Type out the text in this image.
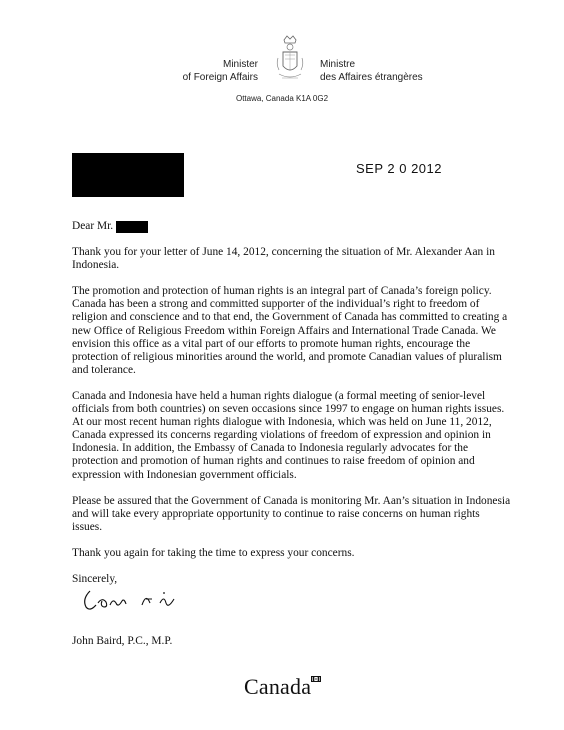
Minister
of Foreign Affairs
Ministre
des Affaires étrangères
Ottawa, Canada K1A 0G2
SEP 2 0 2012

Dear Mr.

Thank you for your letter of June 14, 2012, concerning the situation of Mr. Alexander Aan in Indonesia.

The promotion and protection of human rights is an integral part of Canada’s foreign policy. Canada has been a strong and committed supporter of the individual’s right to freedom of religion and conscience and to that end, the Government of Canada has committed to creating a new Office of Religious Freedom within Foreign Affairs and International Trade Canada. We envision this office as a vital part of our efforts to promote human rights, encourage the protection of religious minorities around the world, and promote Canadian values of pluralism and tolerance.

Canada and Indonesia have held a human rights dialogue (a formal meeting of senior-level officials from both countries) on seven occasions since 1997 to engage on human rights issues. At our most recent human rights dialogue with Indonesia, which was held on June 11, 2012, Canada expressed its concerns regarding violations of freedom of expression and opinion in Indonesia. In addition, the Embassy of Canada to Indonesia regularly advocates for the protection and promotion of human rights and continues to raise freedom of opinion and expression with Indonesian government officials.

Please be assured that the Government of Canada is monitoring Mr. Aan’s situation in Indonesia and will take every appropriate opportunity to continue to raise concerns on human rights issues.

Thank you again for taking the time to express your concerns.

Sincerely,

John Baird, P.C., M.P.
Canada
